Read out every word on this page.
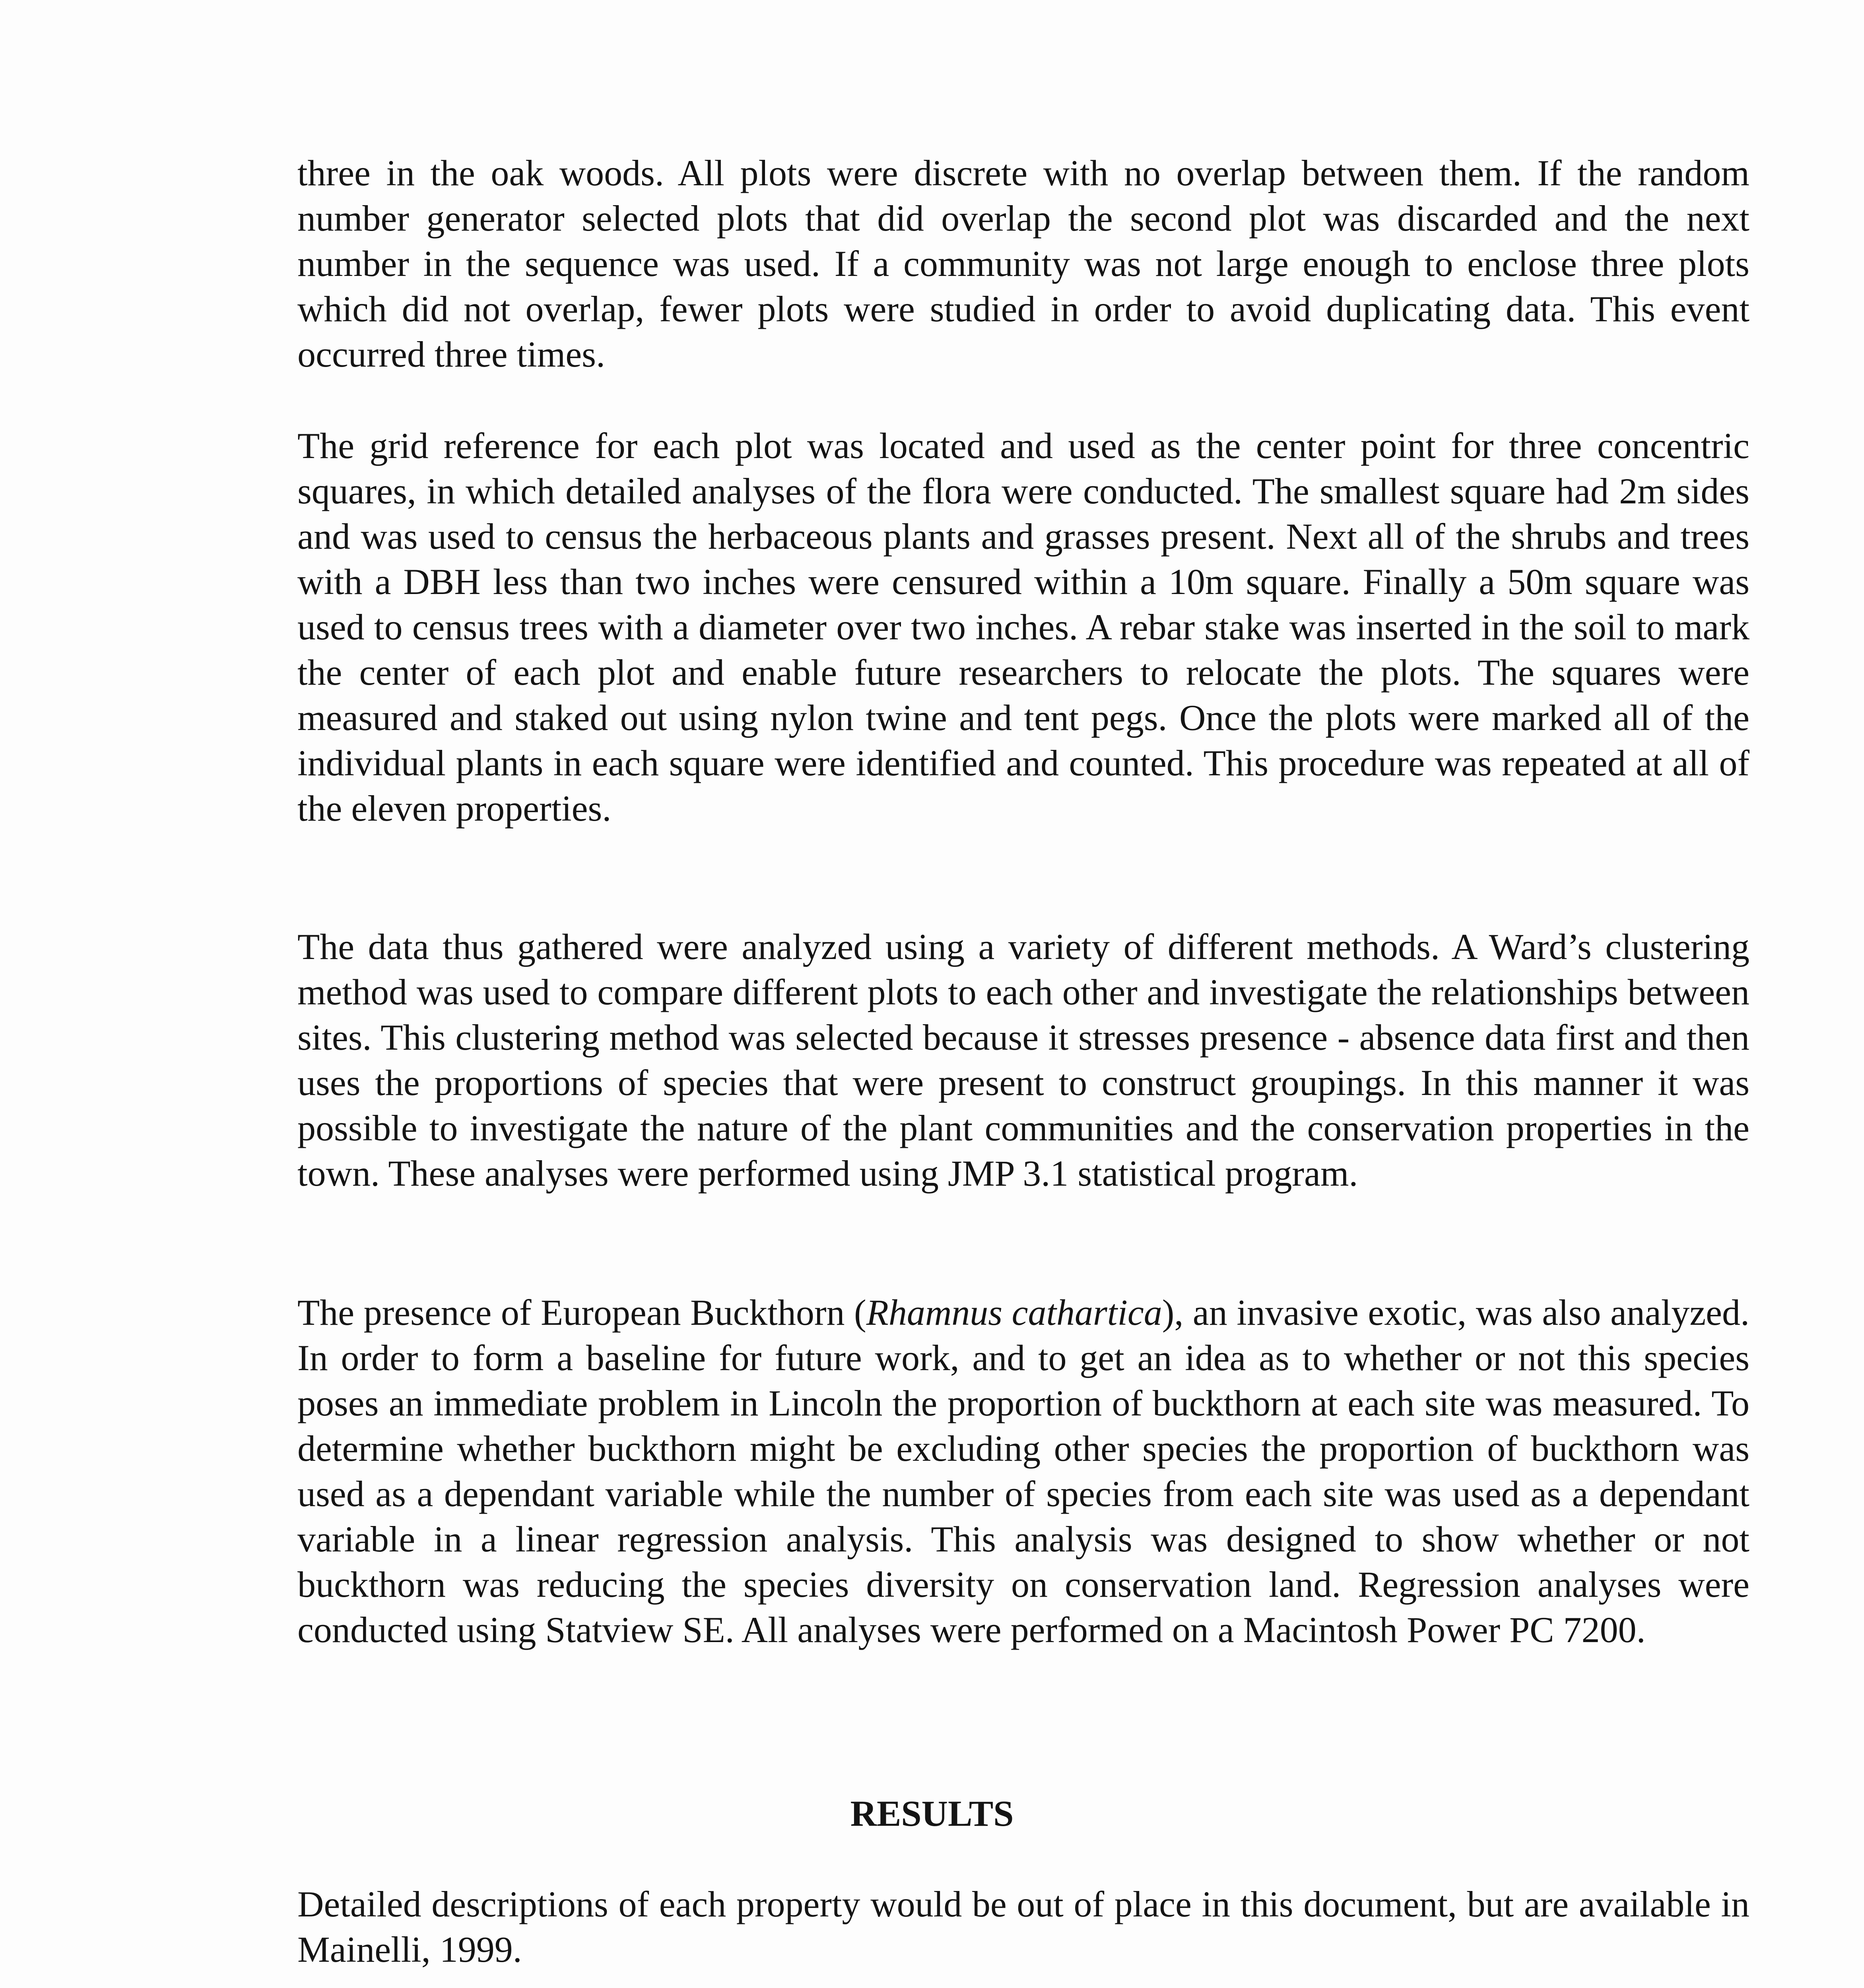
three in the oak woods. All plots were discrete with no overlap between them. If the random number generator selected plots that did overlap the second plot was discarded and the next number in the sequence was used. If a community was not large enough to enclose three plots which did not overlap, fewer plots were studied in order to avoid duplicating data. This event occurred three times.

The grid reference for each plot was located and used as the center point for three concentric squares, in which detailed analyses of the flora were conducted. The smallest square had 2m sides and was used to census the herbaceous plants and grasses present. Next all of the shrubs and trees with a DBH less than two inches were censured within a 10m square. Finally a 50m square was used to census trees with a diameter over two inches. A rebar stake was inserted in the soil to mark the center of each plot and enable future researchers to relocate the plots. The squares were measured and staked out using nylon twine and tent pegs. Once the plots were marked all of the individual plants in each square were identified and counted. This procedure was repeated at all of the eleven properties.

The data thus gathered were analyzed using a variety of different methods. A Ward’s clustering method was used to compare different plots to each other and investigate the relationships between sites. This clustering method was selected because it stresses presence - absence data first and then uses the proportions of species that were present to construct groupings. In this manner it was possible to investigate the nature of the plant communities and the conservation properties in the town. These analyses were performed using JMP 3.1 statistical program.

The presence of European Buckthorn (Rhamnus cathartica), an invasive exotic, was also analyzed. In order to form a baseline for future work, and to get an idea as to whether or not this species poses an immediate problem in Lincoln the proportion of buckthorn at each site was measured. To determine whether buckthorn might be excluding other species the proportion of buckthorn was used as a dependant variable while the number of species from each site was used as a dependant variable in a linear regression analysis. This analysis was designed to show whether or not buckthorn was reducing the species diversity on conservation land. Regression analyses were conducted using Statview SE. All analyses were performed on a Macintosh Power PC 7200.

RESULTS

Detailed descriptions of each property would be out of place in this document, but are available in Mainelli, 1999.
